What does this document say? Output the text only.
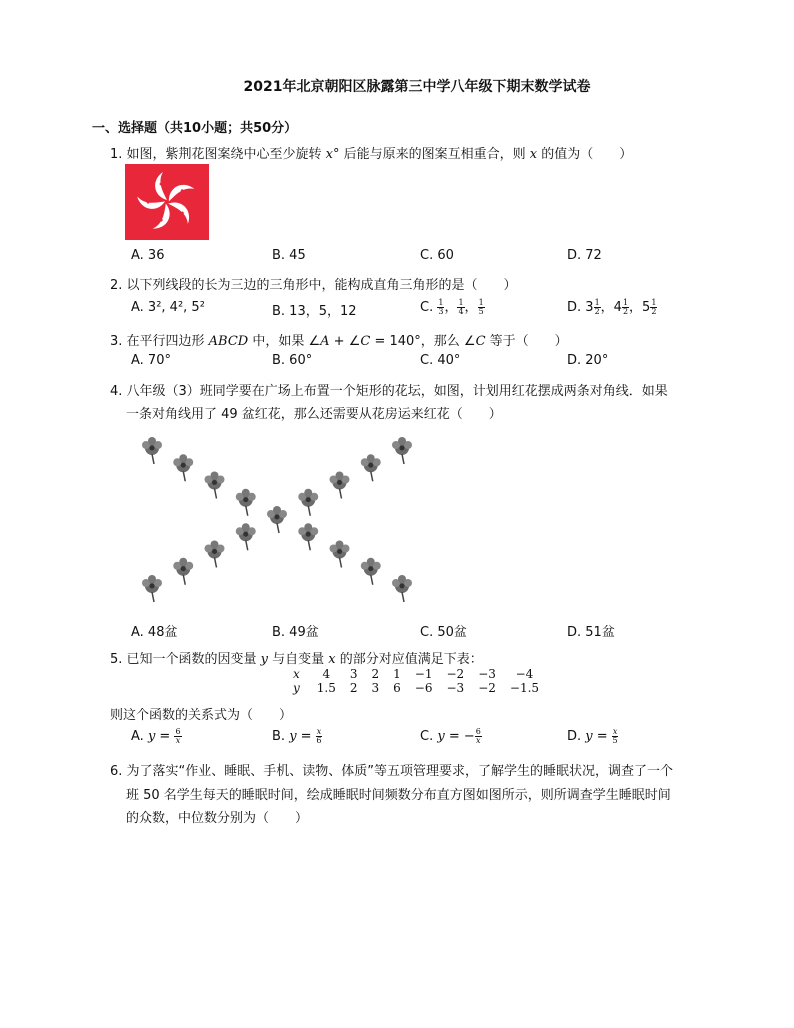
2021年北京朝阳区脉露第三中学八年级下期末数学试卷
一、选择题（共10小题；共50分）
1. 如图，紫荆花图案绕中心至少旋转 x° 后能与原来的图案互相重合，则 x 的值为（　　）
A. 36	B. 45	C. 60	D. 72
2. 以下列线段的长为三边的三角形中，能构成直角三角形的是（　　）
A. 3², 4², 5²	B. 13，5，12	C. $\frac{1}{3}$ ， $\frac{1}{4}$ ， $\frac{1}{5}$	D. $3 \frac{1}{2}$ ，$4 \frac{1}{2}$ ，$5 \frac{1}{2}$
3. 在平行四边形 ABCD 中，如果 ∠A + ∠C = 140°，那么 ∠C 等于（　　）
A. 70°	B. 60°	C. 40°	D. 20°
4. 八年级（3）班同学要在广场上布置一个矩形的花坛，如图，计划用红花摆成两条对角线．如果
一条对角线用了 49 盆红花，那么还需要从花房运来红花（　　）
A. 48盆	B. 49盆	C. 50盆	D. 51盆
5. 已知一个函数的因变量 y 与自变量 x 的部分对应值满足下表：
x	4	3	2	1	−1	−2	−3	−4
y	1.5	2	3	6	−6	−3	−2	−1.5
则这个函数的关系式为（　　）
A. $y = \frac{6}{x}$	B. $y = \frac{x}{6}$	C. y = − $\frac{6}{x}$	D. $y = \frac{x}{5}$
6. 为了落实“作业、睡眠、手机、读物、体质”等五项管理要求，了解学生的睡眠状况，调查了一个
班 50 名学生每天的睡眠时间，绘成睡眠时间频数分布直方图如图所示，则所调查学生睡眠时间
的众数，中位数分别为（　　）
